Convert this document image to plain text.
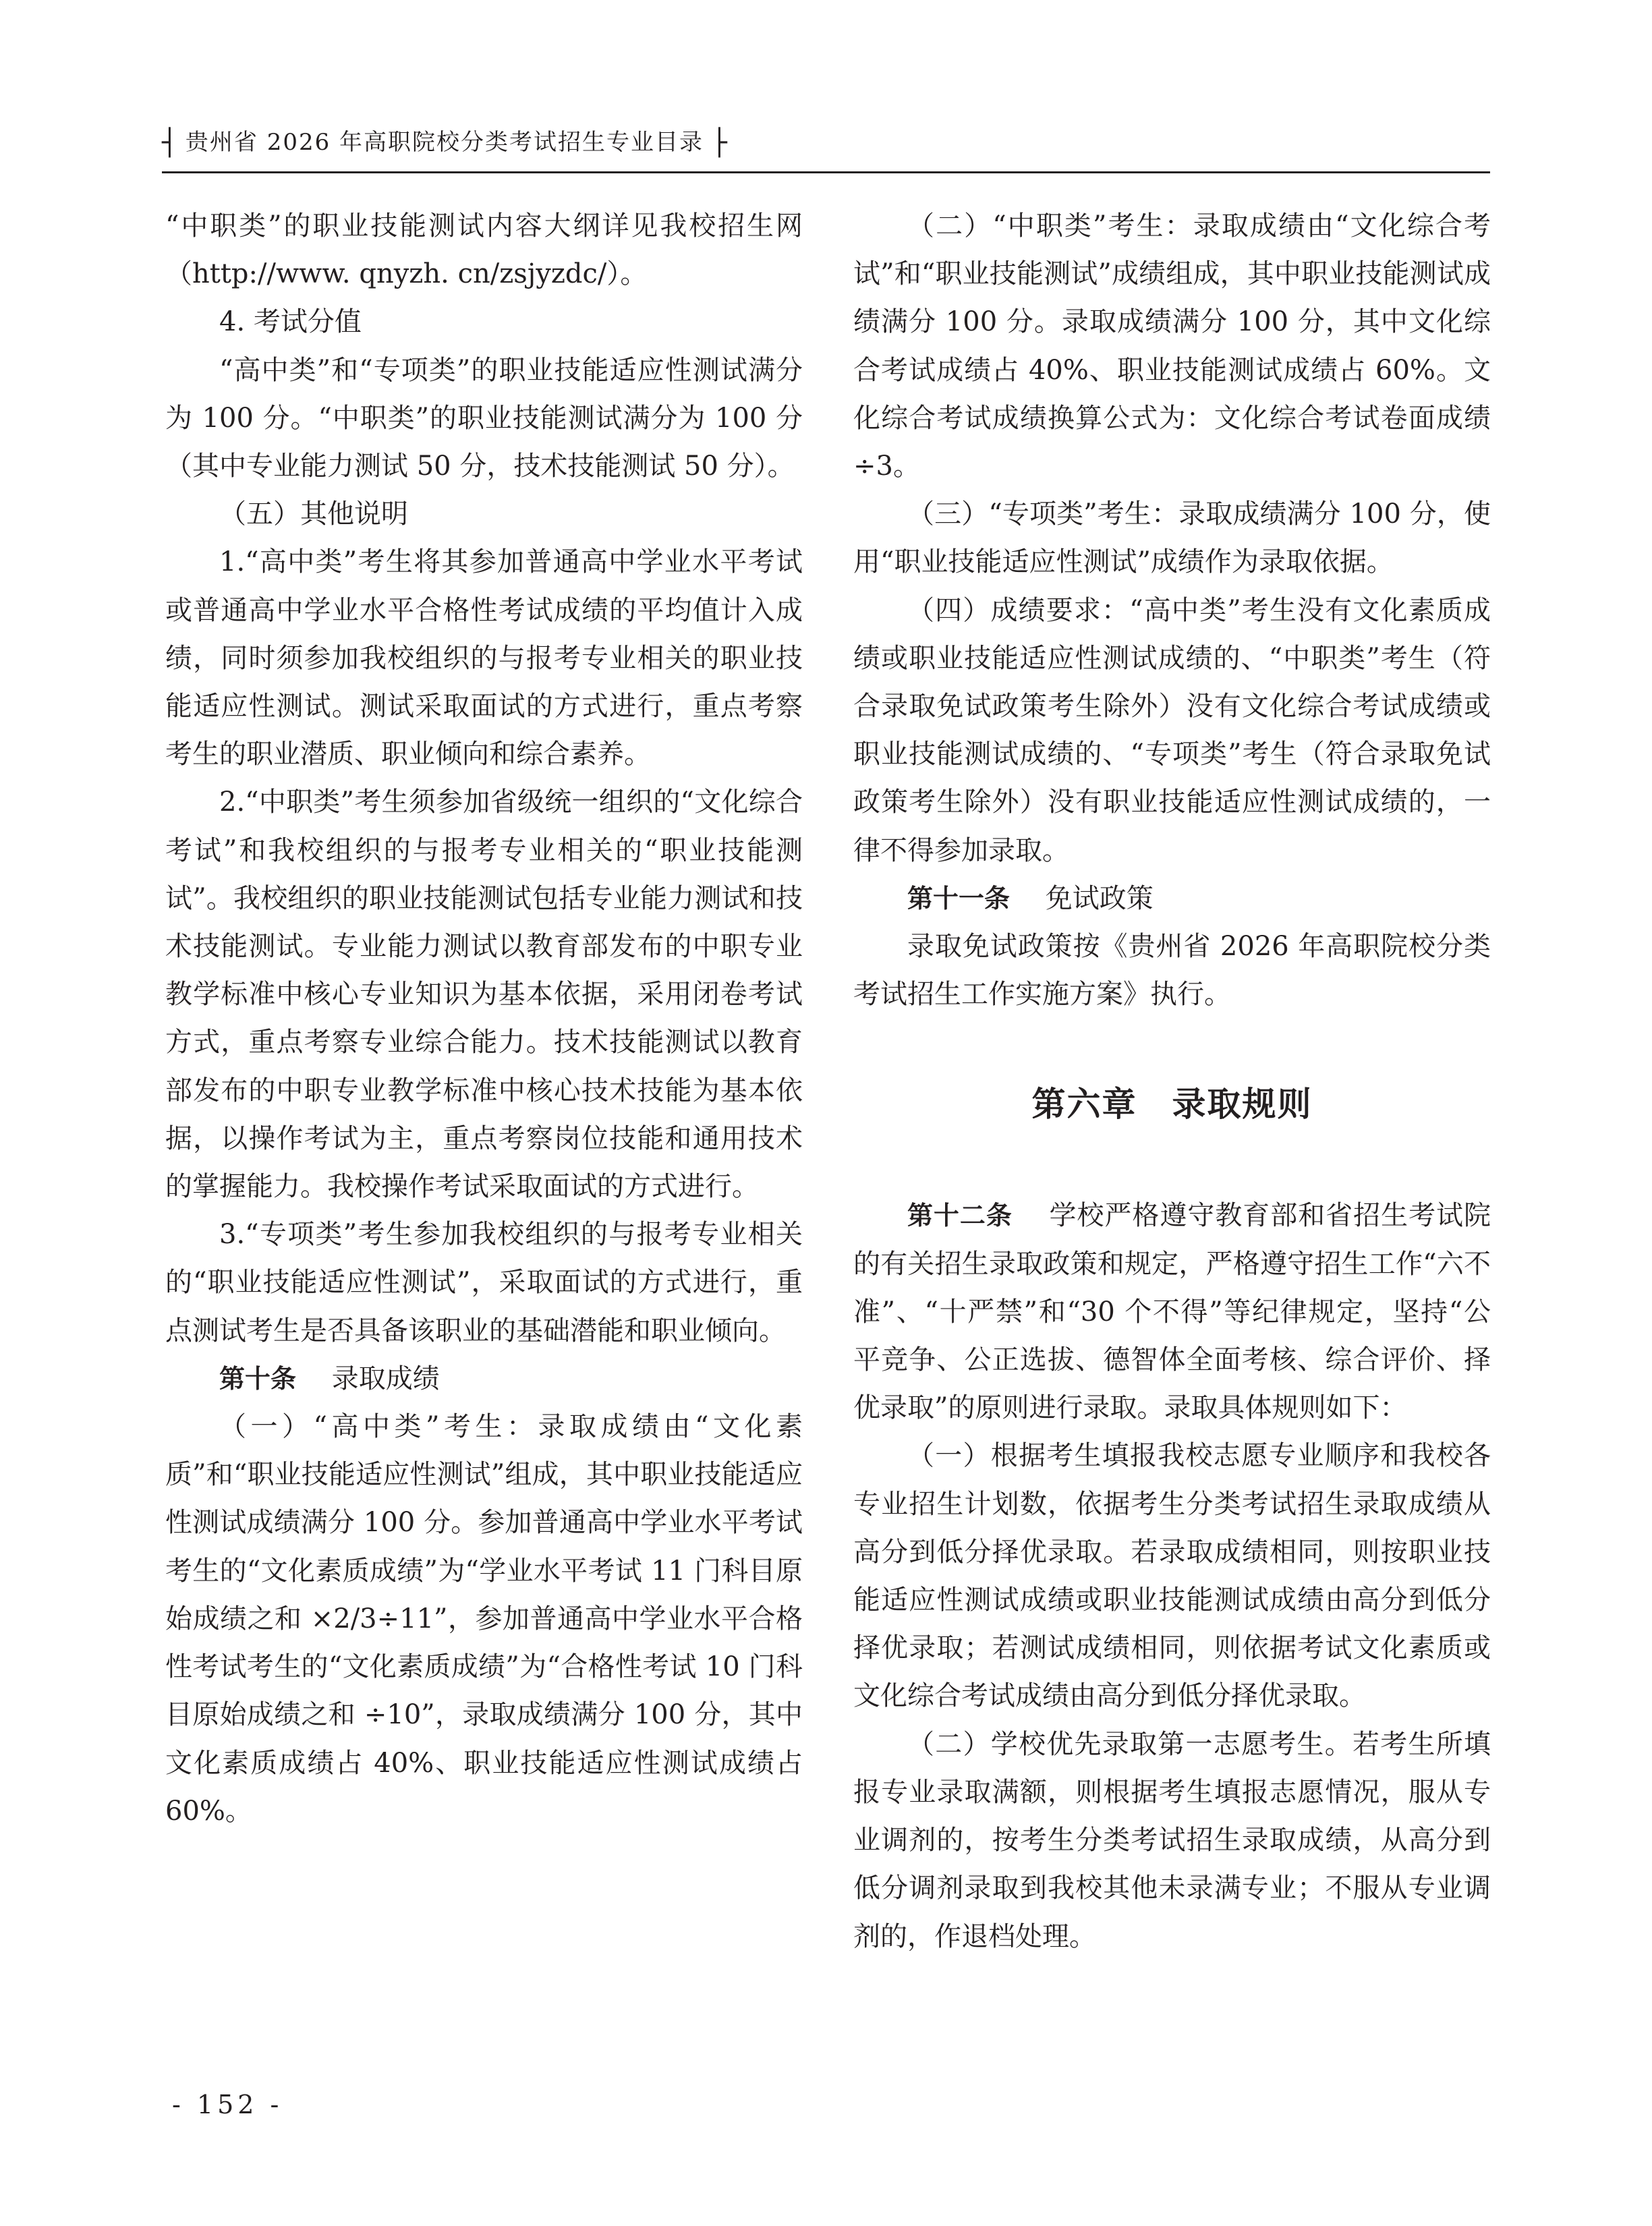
┤ 贵州省 2026 年高职院校分类考试招生专业目录 ├

“中职类”的职业技能测试内容大纲详见我校招生网（http://www. qnyzh. cn/zsjyzdc/）。

4. 考试分值

“高中类”和“专项类”的职业技能适应性测试满分为 100 分。“中职类”的职业技能测试满分为 100 分（其中专业能力测试 50 分，技术技能测试 50 分）。

（五）其他说明

1.“高中类”考生将其参加普通高中学业水平考试或普通高中学业水平合格性考试成绩的平均值计入成绩，同时须参加我校组织的与报考专业相关的职业技能适应性测试。测试采取面试的方式进行，重点考察考生的职业潜质、职业倾向和综合素养。

2.“中职类”考生须参加省级统一组织的“文化综合考试”和我校组织的与报考专业相关的“职业技能测试”。我校组织的职业技能测试包括专业能力测试和技术技能测试。专业能力测试以教育部发布的中职专业教学标准中核心专业知识为基本依据，采用闭卷考试方式，重点考察专业综合能力。技术技能测试以教育部发布的中职专业教学标准中核心技术技能为基本依据，以操作考试为主，重点考察岗位技能和通用技术的掌握能力。我校操作考试采取面试的方式进行。

3.“专项类”考生参加我校组织的与报考专业相关的“职业技能适应性测试”，采取面试的方式进行，重点测试考生是否具备该职业的基础潜能和职业倾向。

第十条　 录取成绩

（一）“高中类”考生：录取成绩由“文化素质”和“职业技能适应性测试”组成，其中职业技能适应性测试成绩满分 100 分。参加普通高中学业水平考试考生的“文化素质成绩”为“学业水平考试 11 门科目原始成绩之和 ×2/3÷11”，参加普通高中学业水平合格性考试考生的“文化素质成绩”为“合格性考试 10 门科目原始成绩之和 ÷10”，录取成绩满分 100 分，其中文化素质成绩占 40%、职业技能适应性测试成绩占 60%。

（二）“中职类”考生：录取成绩由“文化综合考试”和“职业技能测试”成绩组成，其中职业技能测试成绩满分 100 分。录取成绩满分 100 分，其中文化综合考试成绩占 40%、职业技能测试成绩占 60%。文化综合考试成绩换算公式为：文化综合考试卷面成绩 ÷3。

（三）“专项类”考生：录取成绩满分 100 分，使用“职业技能适应性测试”成绩作为录取依据。

（四）成绩要求：“高中类”考生没有文化素质成绩或职业技能适应性测试成绩的、“中职类”考生（符合录取免试政策考生除外）没有文化综合考试成绩或职业技能测试成绩的、“专项类”考生（符合录取免试政策考生除外）没有职业技能适应性测试成绩的，一律不得参加录取。

第十一条　 免试政策

录取免试政策按《贵州省 2026 年高职院校分类考试招生工作实施方案》执行。

第六章　录取规则

第十二条　 学校严格遵守教育部和省招生考试院的有关招生录取政策和规定，严格遵守招生工作“六不准”、“十严禁”和“30 个不得”等纪律规定，坚持“公平竞争、公正选拔、德智体全面考核、综合评价、择优录取”的原则进行录取。录取具体规则如下：

（一）根据考生填报我校志愿专业顺序和我校各专业招生计划数，依据考生分类考试招生录取成绩从高分到低分择优录取。若录取成绩相同，则按职业技能适应性测试成绩或职业技能测试成绩由高分到低分择优录取；若测试成绩相同，则依据考试文化素质或文化综合考试成绩由高分到低分择优录取。

（二）学校优先录取第一志愿考生。若考生所填报专业录取满额，则根据考生填报志愿情况，服从专业调剂的，按考生分类考试招生录取成绩，从高分到低分调剂录取到我校其他未录满专业；不服从专业调剂的，作退档处理。

- 152 -
